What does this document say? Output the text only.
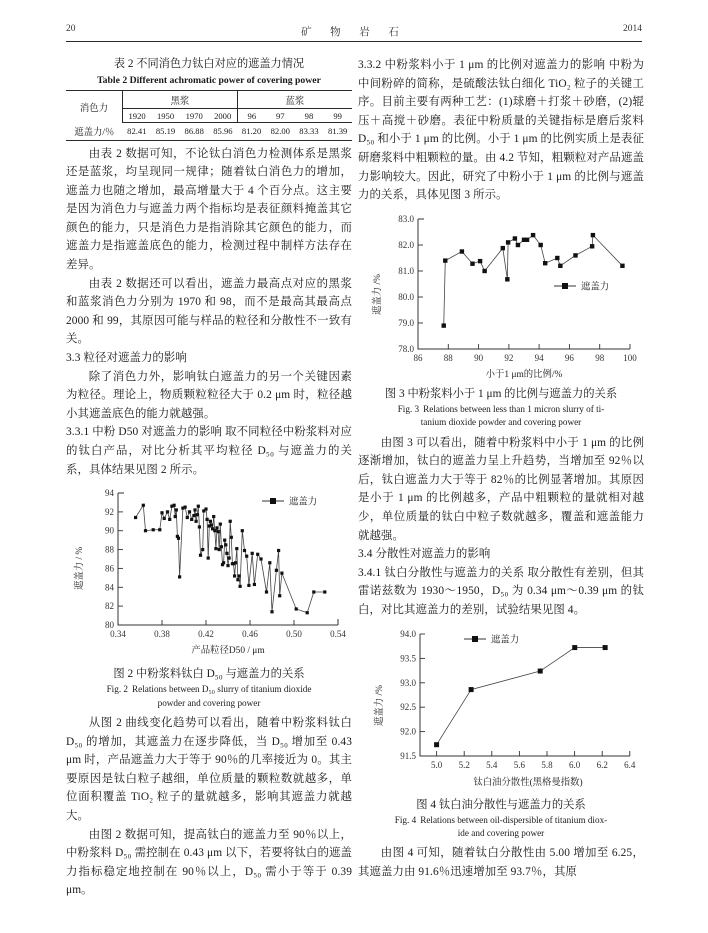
20	矿 物 岩 石	2014
表 2 不同消色力钛白对应的遮盖力情况
Table 2 Different achromatic power of covering power
消色力	黑浆				蓝浆			
	1920	1950	1970	2000	96	97	98	99
遮盖力/％	82.41	85.19	86.88	85.96	81.20	82.00	83.33	81.39

由表 2 数据可知，不论钛白消色力检测体系是黑浆还是蓝浆，均呈现同一规律；随着钛白消色力的增加，遮盖力也随之增加，最高增量大于 4 个百分点。这主要是因为消色力与遮盖力两个指标均是表征颜料掩盖其它颜色的能力，只是消色力是指消除其它颜色的能力，而遮盖力是指遮盖底色的能力，检测过程中制样方法存在差异。

由表 2 数据还可以看出，遮盖力最高点对应的黑浆和蓝浆消色力分别为 1970 和 98，而不是最高其最高点 2000 和 99，其原因可能与样品的粒径和分散性不一致有关。

3.3 粒径对遮盖力的影响

除了消色力外，影响钛白遮盖力的另一个关键因素为粒径。理论上，物质颗粒粒径大于 0.2 μm 时，粒径越小其遮盖底色的能力就越强。

3.3.1 中粉 D50 对遮盖力的影响 取不同粒径中粉浆料对应的钛白产品，对比分析其平均粒径 D₅₀ 与遮盖力的关系，具体结果见图 2 所示。

80
82
84
86
88
90
92
94
0.34	0.38	0.42	0.46	0.50	0.54
遮盖力
遮盖力 / %
产品粒径D50 / μm
图 2 中粉浆料钛白 D₅₀ 与遮盖力的关系
Fig. 2 Relations between D₅₀ slurry of titanium dioxide
powder and covering power

从图 2 曲线变化趋势可以看出，随着中粉浆料钛白 D₅₀ 的增加，其遮盖力在逐步降低，当 D₅₀ 增加至 0.43 μm 时，产品遮盖力大于等于 90％的几率接近为 0。其主要原因是钛白粒子越细，单位质量的颗粒数就越多，单位面积覆盖 TiO₂ 粒子的量就越多，影响其遮盖力就越大。

由图 2 数据可知，提高钛白的遮盖力至 90％以上，中粉浆料 D₅₀ 需控制在 0.43 μm 以下，若要将钛白的遮盖力指标稳定地控制在 90％以上，D₅₀ 需小于等于 0.39 μm。

3.3.2 中粉浆料小于 1 μm 的比例对遮盖力的影响 中粉为中间粉碎的简称，是硫酸法钛白细化 TiO₂ 粒子的关键工序。目前主要有两种工艺：(1)球磨＋打浆＋砂磨，(2)辊压＋高搅＋砂磨。表征中粉质量的关键指标是磨后浆料 D₅₀ 和小于 1 μm 的比例。小于 1 μm 的比例实质上是表征研磨浆料中粗颗粒的量。由 4.2 节知，粗颗粒对产品遮盖力影响较大。因此，研究了中粉小于 1 μm 的比例与遮盖力的关系，具体见图 3 所示。

78.0
79.0
80.0
81.0
82.0
83.0
86 88 90 92 94 96 98 100
遮盖力
遮盖力 /%
小于1 μm的比例/%
图 3 中粉浆料小于 1 μm 的比例与遮盖力的关系
Fig. 3 Relations between less than 1 micron slurry of ti-
tanium dioxide powder and covering power

由图 3 可以看出，随着中粉浆料中小于 1 μm 的比例逐渐增加，钛白的遮盖力呈上升趋势，当增加至 92％以后，钛白遮盖力大于等于 82％的比例显著增加。其原因是小于 1 μm 的比例越多，产品中粗颗粒的量就相对越少，单位质量的钛白中粒子数就越多，覆盖和遮盖能力就越强。

3.4 分散性对遮盖力的影响

3.4.1 钛白分散性与遮盖力的关系 取分散性有差别，但其雷诺兹数为 1930～1950，D₅₀ 为 0.34 μm～0.39 μm 的钛白，对比其遮盖力的差别，试验结果见图 4。

91.5
92.0
92.5
93.0
93.5
94.0
5.0 5.2 5.4 5.6 5.8 6.0 6.2 6.4
遮盖力
遮盖力 /%
钛白油分散性(黑格曼指数)
图 4 钛白油分散性与遮盖力的关系
Fig. 4 Relations between oil-dispersible of titanium diox-
ide and covering power

由图 4 可知，随着钛白分散性由 5.00 增加至 6.25，其遮盖力由 91.6％迅速增加至 93.7％，其原
